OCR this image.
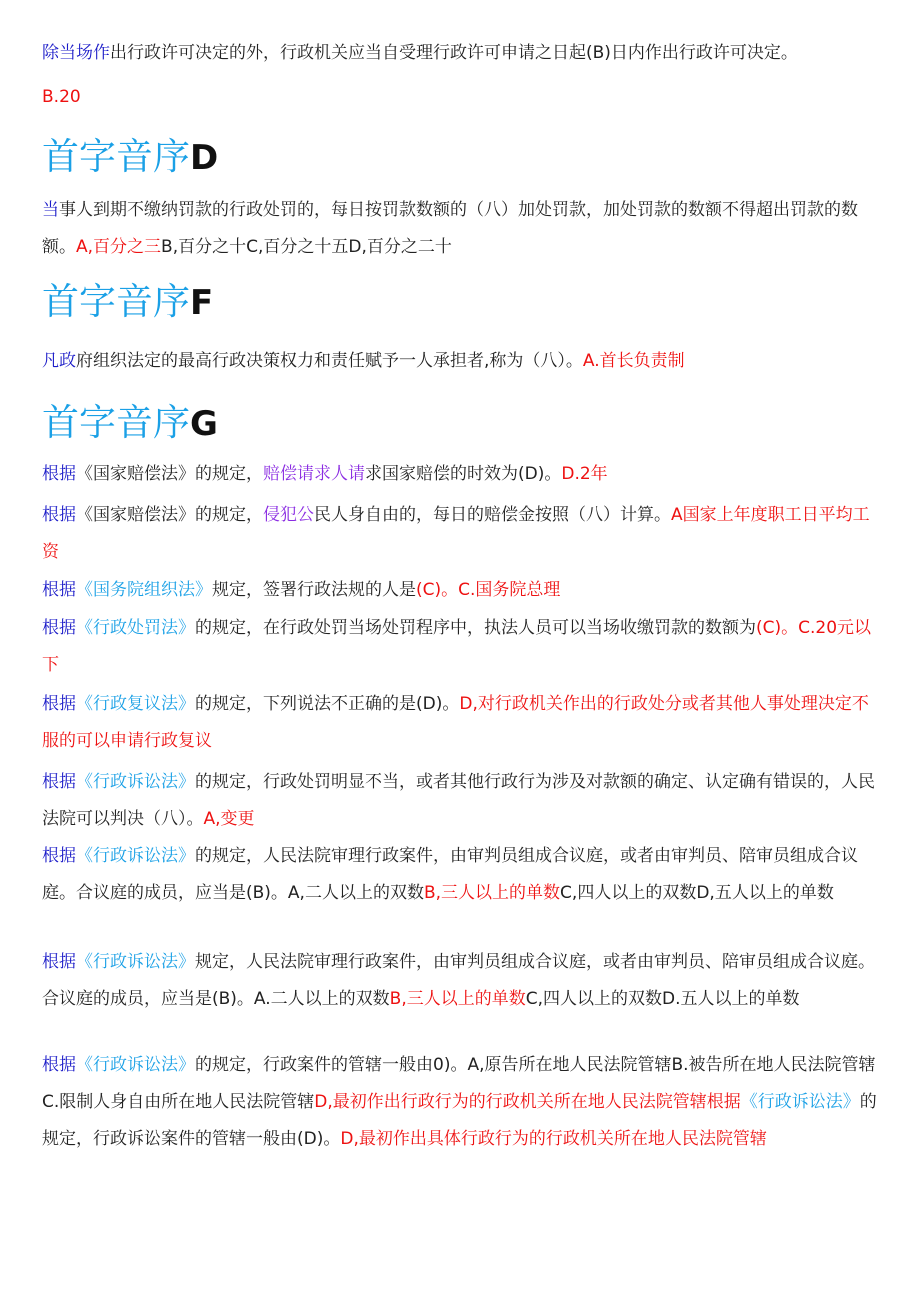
除当场作出行政许可决定的外，行政机关应当自受理行政许可申请之日起(B)日内作出行政许可决定。

B.20

首字音序D

当事人到期不缴纳罚款的行政处罚的，每日按罚款数额的（八）加处罚款，加处罚款的数额不得超出罚款的数额。A,百分之三B,百分之十C,百分之十五D,百分之二十

首字音序F

凡政府组织法定的最高行政决策权力和责任赋予一人承担者,称为（八）。A.首长负责制

首字音序G

根据《国家赔偿法》的规定，赔偿请求人请求国家赔偿的时效为(D)。D.2年

根据《国家赔偿法》的规定，侵犯公民人身自由的，每日的赔偿金按照（八）计算。A国家上年度职工日平均工资

根据《国务院组织法》规定，签署行政法规的人是(C)。C.国务院总理

根据《行政处罚法》的规定，在行政处罚当场处罚程序中，执法人员可以当场收缴罚款的数额为(C)。C.20元以下

根据《行政复议法》的规定，下列说法不正确的是(D)。D,对行政机关作出的行政处分或者其他人事处理决定不服的可以申请行政复议

根据《行政诉讼法》的规定，行政处罚明显不当，或者其他行政行为涉及对款额的确定、认定确有错误的，人民法院可以判决（八）。A,变更

根据《行政诉讼法》的规定，人民法院审理行政案件，由审判员组成合议庭，或者由审判员、陪审员组成合议庭。合议庭的成员，应当是(B)。A,二人以上的双数B,三人以上的单数C,四人以上的双数D,五人以上的单数

根据《行政诉讼法》规定，人民法院审理行政案件，由审判员组成合议庭，或者由审判员、陪审员组成合议庭。合议庭的成员，应当是(B)。A.二人以上的双数B,三人以上的单数C,四人以上的双数D.五人以上的单数

根据《行政诉讼法》的规定，行政案件的管辖一般由0)。A,原告所在地人民法院管辖B.被告所在地人民法院管辖C.限制人身自由所在地人民法院管辖D,最初作出行政行为的行政机关所在地人民法院管辖根据《行政诉讼法》的规定，行政诉讼案件的管辖一般由(D)。D,最初作出具体行政行为的行政机关所在地人民法院管辖
